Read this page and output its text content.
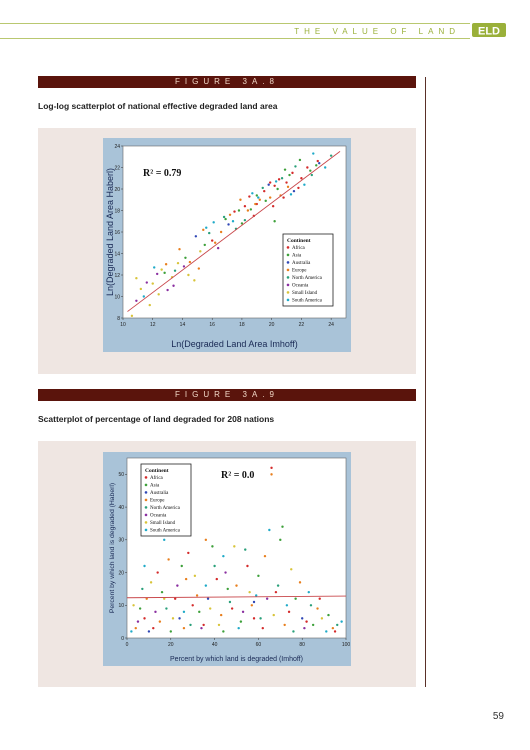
THE VALUE OF LAND ELD
FIGURE 3A.8
Log-log scatterplot of national effective degraded land area
10	12	14	16	18	20	22	24
8
10
12
14
16
18
20
22
24
Ln(Degraded Land Area Imhoff)
Ln(Degraded Land Area Haberl)	R² = 0.79
Continent
Africa
Asia
Australia
Europe
North America
Oceania
Small Island
South America
FIGURE 3A.9
Scatterplot of percentage of land degraded for 208 nations
0	20	40	60	80	100
0
10
20
30
40
50
Percent by which land is degraded (Imhoff)
Percent by which land is degraded (Haberl)
R² = 0.0
Continent
Africa
Asia
Australia
Europe
North America
Oceania
Small Island
South America
59
